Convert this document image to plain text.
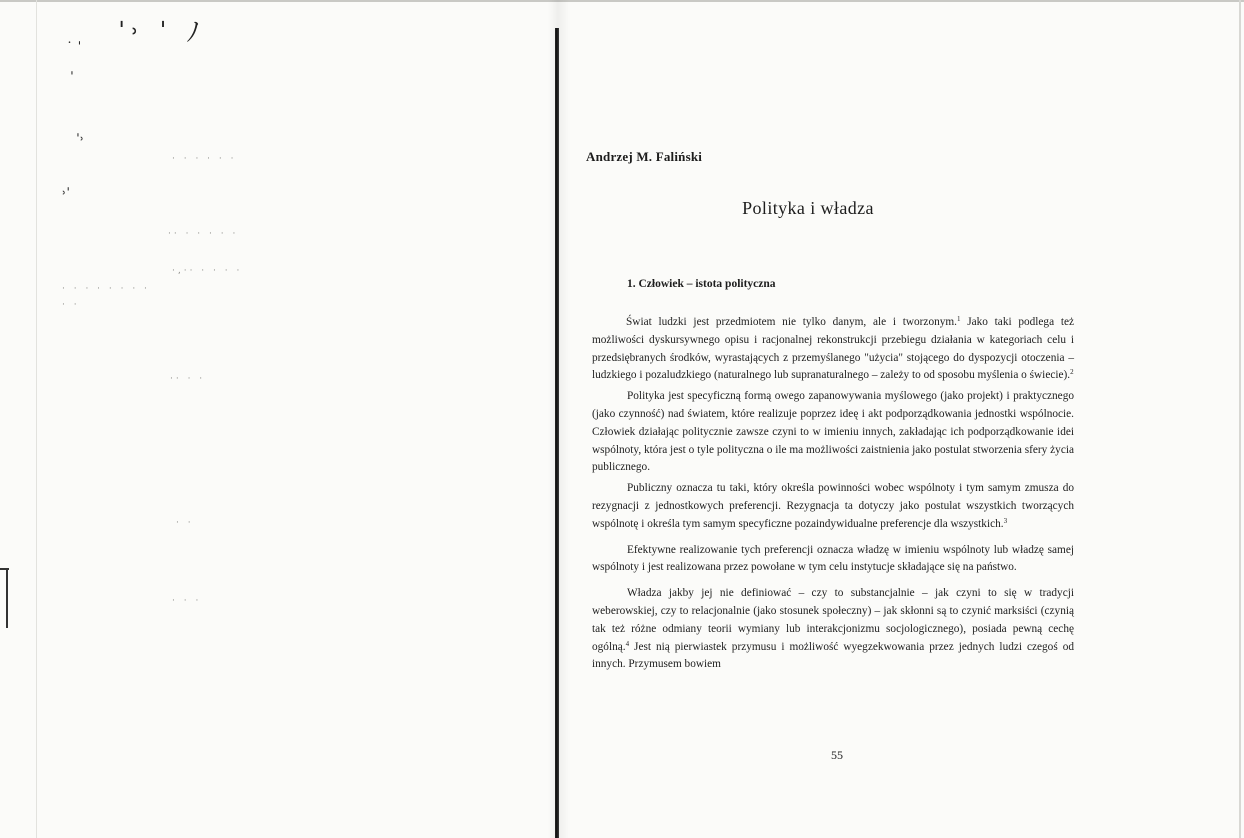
ˈ˒ ˈ ﾉ
˙ ˈ
ˈ
ˈ˒
˒ˈ
· · · · · ·
·· · · · · ·
·,·· · · · ·
· · · · · · · ·
· ·
·· · ·
· ·
· · ·
Andrzej M. Faliński
Polityka i władza
1. Człowiek – istota polityczna

Świat ludzki jest przedmiotem nie tylko danym, ale i tworzonym.$^1$ Jako taki podlega też możliwości dyskursywnego opisu i racjonalnej rekonstrukcji przebiegu działania w kategoriach celu i przedsiębranych środków, wyrastających z przemyślanego "użycia" stojącego do dyspozycji otoczenia – ludzkiego i pozaludzkiego (naturalnego lub supranaturalnego – zależy to od sposobu myślenia o świecie).$^2$

Polityka jest specyficzną formą owego zapanowywania myślowego (jako projekt) i praktycznego (jako czynność) nad światem, które realizuje poprzez ideę i akt podporządkowania jednostki wspólnocie. Człowiek działając politycznie zawsze czyni to w imieniu innych, zakładając ich podporządkowanie idei wspólnoty, która jest o tyle polityczna o ile ma możliwości zaistnienia jako postulat stworzenia sfery życia publicznego.

Publiczny oznacza tu taki, który określa powinności wobec wspólnoty i tym samym zmusza do rezygnacji z jednostkowych preferencji. Rezygnacja ta dotyczy jako postulat wszystkich tworzących wspólnotę i określa tym samym specyficzne pozaindywidualne preferencje dla wszystkich.$^3$

Efektywne realizowanie tych preferencji oznacza władzę w imieniu wspólnoty lub władzę samej wspólnoty i jest realizowana przez powołane w tym celu instytucje składające się na państwo.

Władza jakby jej nie definiować – czy to substancjalnie – jak czyni to się w tradycji weberowskiej, czy to relacjonalnie (jako stosunek społeczny) – jak skłonni są to czynić marksiści (czynią tak też różne odmiany teorii wymiany lub interakcjonizmu socjologicznego), posiada pewną cechę ogólną.$^4$ Jest nią pierwiastek przymusu i możliwość wyegzekwowania przez jednych ludzi czegoś od innych. Przymusem bowiem

55
